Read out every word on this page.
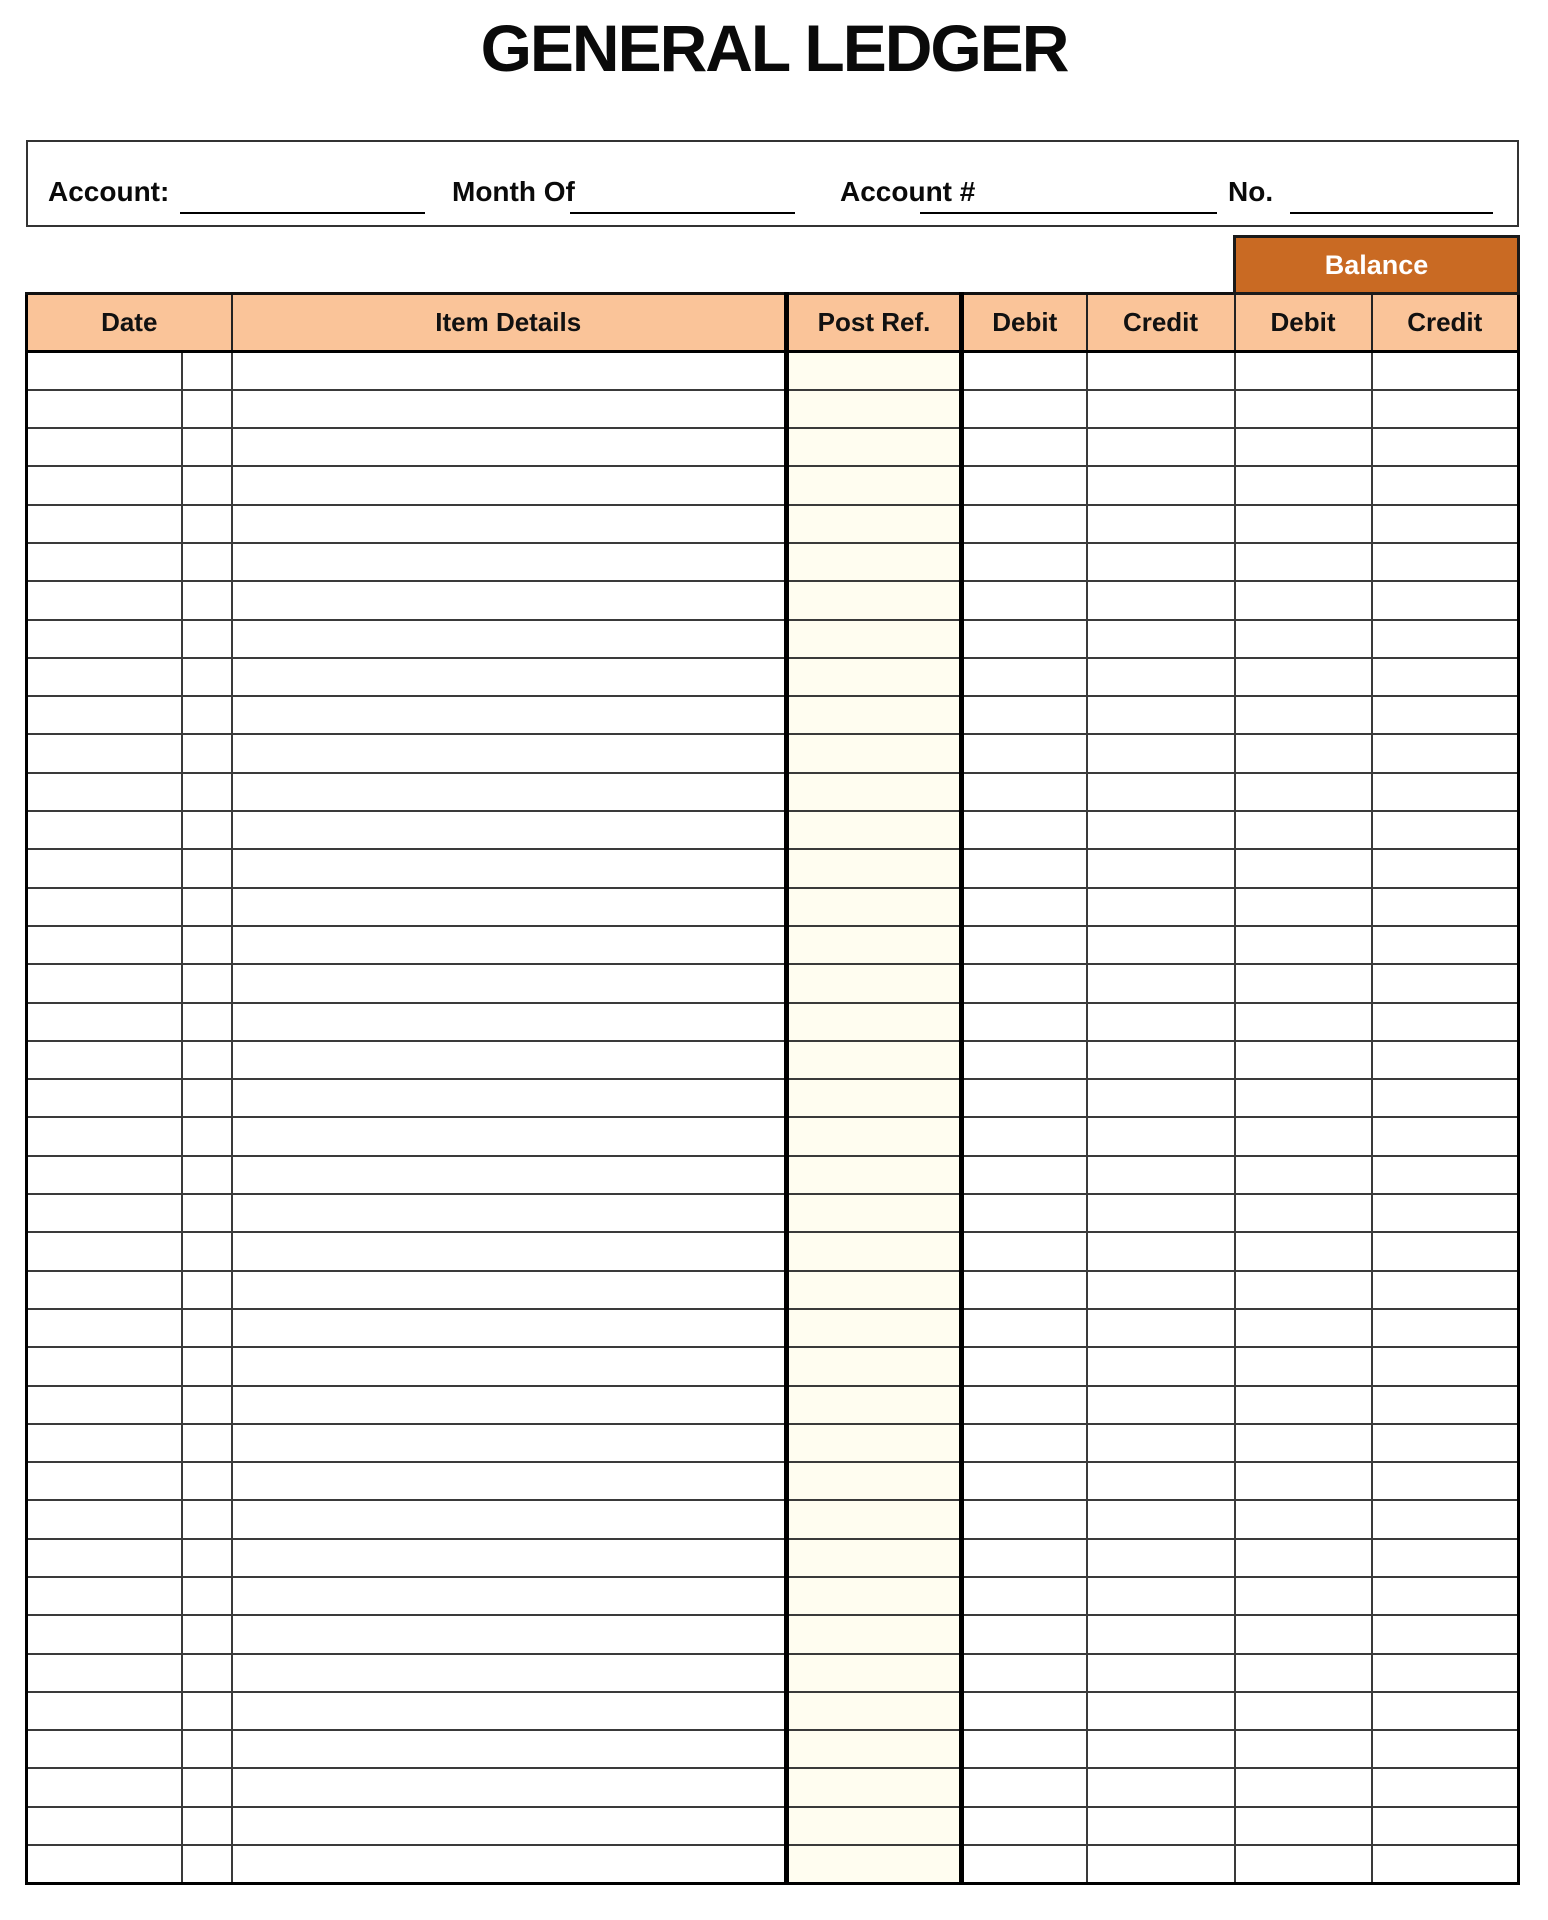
GENERAL LEDGER
Account:	Month Of	Account #	No.
						Balance	
Date		Item Details	Post Ref.	Debit	Credit	Debit	Credit
